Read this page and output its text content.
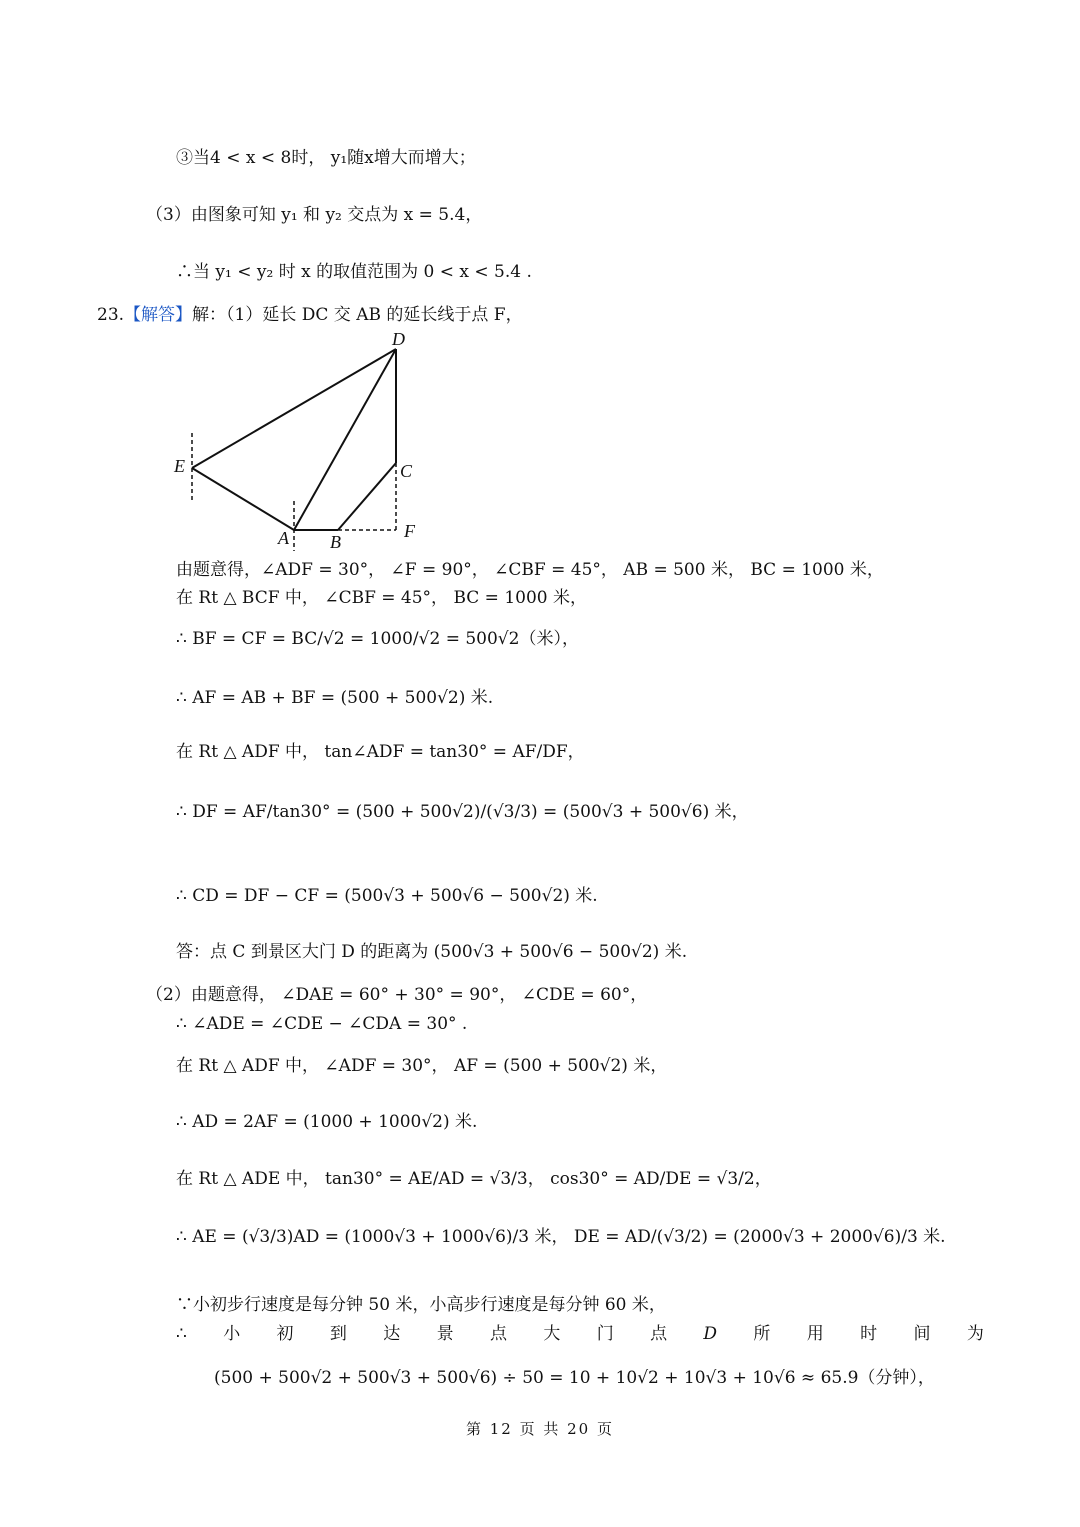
③当4 < x < 8时， y₁随x增大而增大；
（3）由图象可知 y₁ 和 y₂ 交点为 x = 5.4，
∴当 y₁ < y₂ 时 x 的取值范围为 0 < x < 5.4 .
23.【解答】解：（1）延长 DC 交 AB 的延长线于点 F，
D
E	C
A B
F
由题意得，∠ADF = 30°， ∠F = 90°， ∠CBF = 45°， AB = 500 米， BC = 1000 米，
在 Rt △ BCF 中， ∠CBF = 45°， BC = 1000 米，
∴ BF = CF = BC/√2 = 1000/√2 = 500√2（米），
∴ AF = AB + BF = (500 + 500√2) 米.
在 Rt △ ADF 中， tan∠ADF = tan30° = AF/DF，
∴ DF = AF/tan30° = (500 + 500√2)/(√3/3) = (500√3 + 500√6) 米，
∴ CD = DF − CF = (500√3 + 500√6 − 500√2) 米.
答：点 C 到景区大门 D 的距离为 (500√3 + 500√6 − 500√2) 米.
（2）由题意得， ∠DAE = 60° + 30° = 90°， ∠CDE = 60°，
∴ ∠ADE = ∠CDE − ∠CDA = 30° .
在 Rt △ ADF 中， ∠ADF = 30°， AF = (500 + 500√2) 米，
∴ AD = 2AF = (1000 + 1000√2) 米.
在 Rt △ ADE 中， tan30° = AE/AD = √3/3， cos30° = AD/DE = √3/2，
∴ AE = (√3/3)AD = (1000√3 + 1000√6)/3 米， DE = AD/(√3/2) = (2000√3 + 2000√6)/3 米.
∵小初步行速度是每分钟 50 米，小高步行速度是每分钟 60 米，
∴ 小 初 到 达 景 点 大 门 点 D 所 用 时 间 为
(500 + 500√2 + 500√3 + 500√6) ÷ 50 = 10 + 10√2 + 10√3 + 10√6 ≈ 65.9（分钟），
第 12 页 共 20 页
